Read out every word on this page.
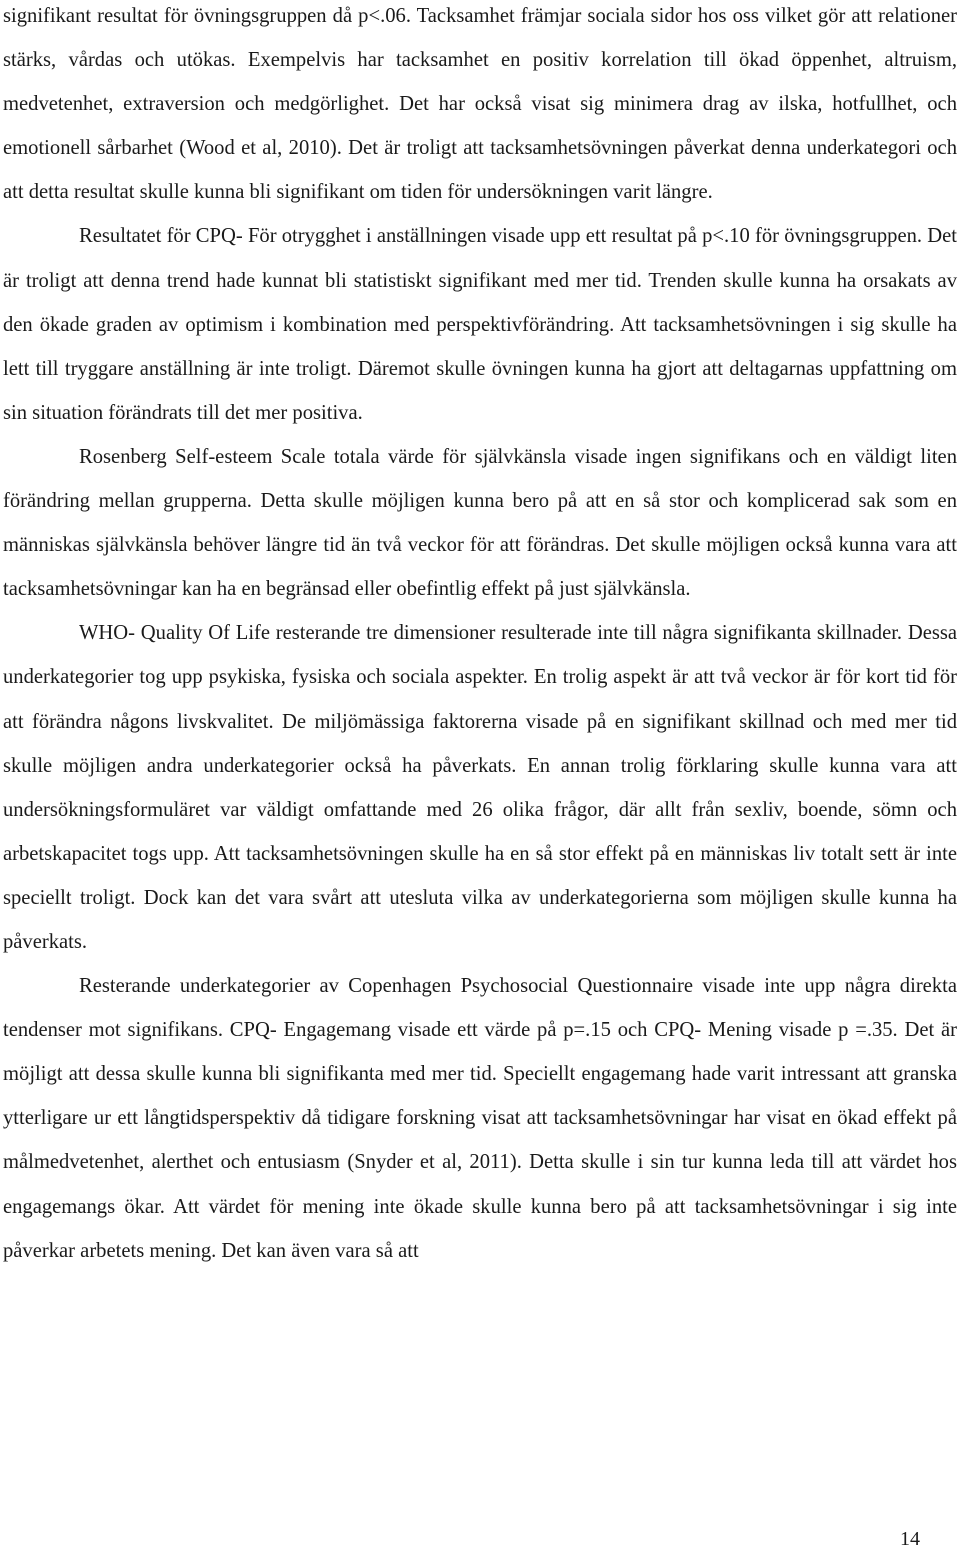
signifikant resultat för övningsgruppen då p<.06. Tacksamhet främjar sociala sidor hos oss vilket gör att relationer stärks, vårdas och utökas. Exempelvis har tacksamhet en positiv korrelation till ökad öppenhet, altruism, medvetenhet, extraversion och medgörlighet. Det har också visat sig minimera drag av ilska, hotfullhet, och emotionell sårbarhet (Wood et al, 2010). Det är troligt att tacksamhetsövningen påverkat denna underkategori och att detta resultat skulle kunna bli signifikant om tiden för undersökningen varit längre.

Resultatet för CPQ- För otrygghet i anställningen visade upp ett resultat på p<.10 för övningsgruppen. Det är troligt att denna trend hade kunnat bli statistiskt signifikant med mer tid. Trenden skulle kunna ha orsakats av den ökade graden av optimism i kombination med perspektivförändring. Att tacksamhetsövningen i sig skulle ha lett till tryggare anställning är inte troligt. Däremot skulle övningen kunna ha gjort att deltagarnas uppfattning om sin situation förändrats till det mer positiva.

Rosenberg Self-esteem Scale totala värde för självkänsla visade ingen signifikans och en väldigt liten förändring mellan grupperna. Detta skulle möjligen kunna bero på att en så stor och komplicerad sak som en människas självkänsla behöver längre tid än två veckor för att förändras. Det skulle möjligen också kunna vara att tacksamhetsövningar kan ha en begränsad eller obefintlig effekt på just självkänsla.

WHO- Quality Of Life resterande tre dimensioner resulterade inte till några signifikanta skillnader. Dessa underkategorier tog upp psykiska, fysiska och sociala aspekter. En trolig aspekt är att två veckor är för kort tid för att förändra någons livskvalitet. De miljömässiga faktorerna visade på en signifikant skillnad och med mer tid skulle möjligen andra underkategorier också ha påverkats. En annan trolig förklaring skulle kunna vara att undersökningsformuläret var väldigt omfattande med 26 olika frågor, där allt från sexliv, boende, sömn och arbetskapacitet togs upp. Att tacksamhetsövningen skulle ha en så stor effekt på en människas liv totalt sett är inte speciellt troligt. Dock kan det vara svårt att utesluta vilka av underkategorierna som möjligen skulle kunna ha påverkats.

Resterande underkategorier av Copenhagen Psychosocial Questionnaire visade inte upp några direkta tendenser mot signifikans. CPQ- Engagemang visade ett värde på p=.15 och CPQ- Mening visade p =.35. Det är möjligt att dessa skulle kunna bli signifikanta med mer tid. Speciellt engagemang hade varit intressant att granska ytterligare ur ett långtidsperspektiv då tidigare forskning visat att tacksamhetsövningar har visat en ökad effekt på målmedvetenhet, alerthet och entusiasm (Snyder et al, 2011). Detta skulle i sin tur kunna leda till att värdet hos engagemangs ökar. Att värdet för mening inte ökade skulle kunna bero på att tacksamhetsövningar i sig inte påverkar arbetets mening. Det kan även vara så att

14
